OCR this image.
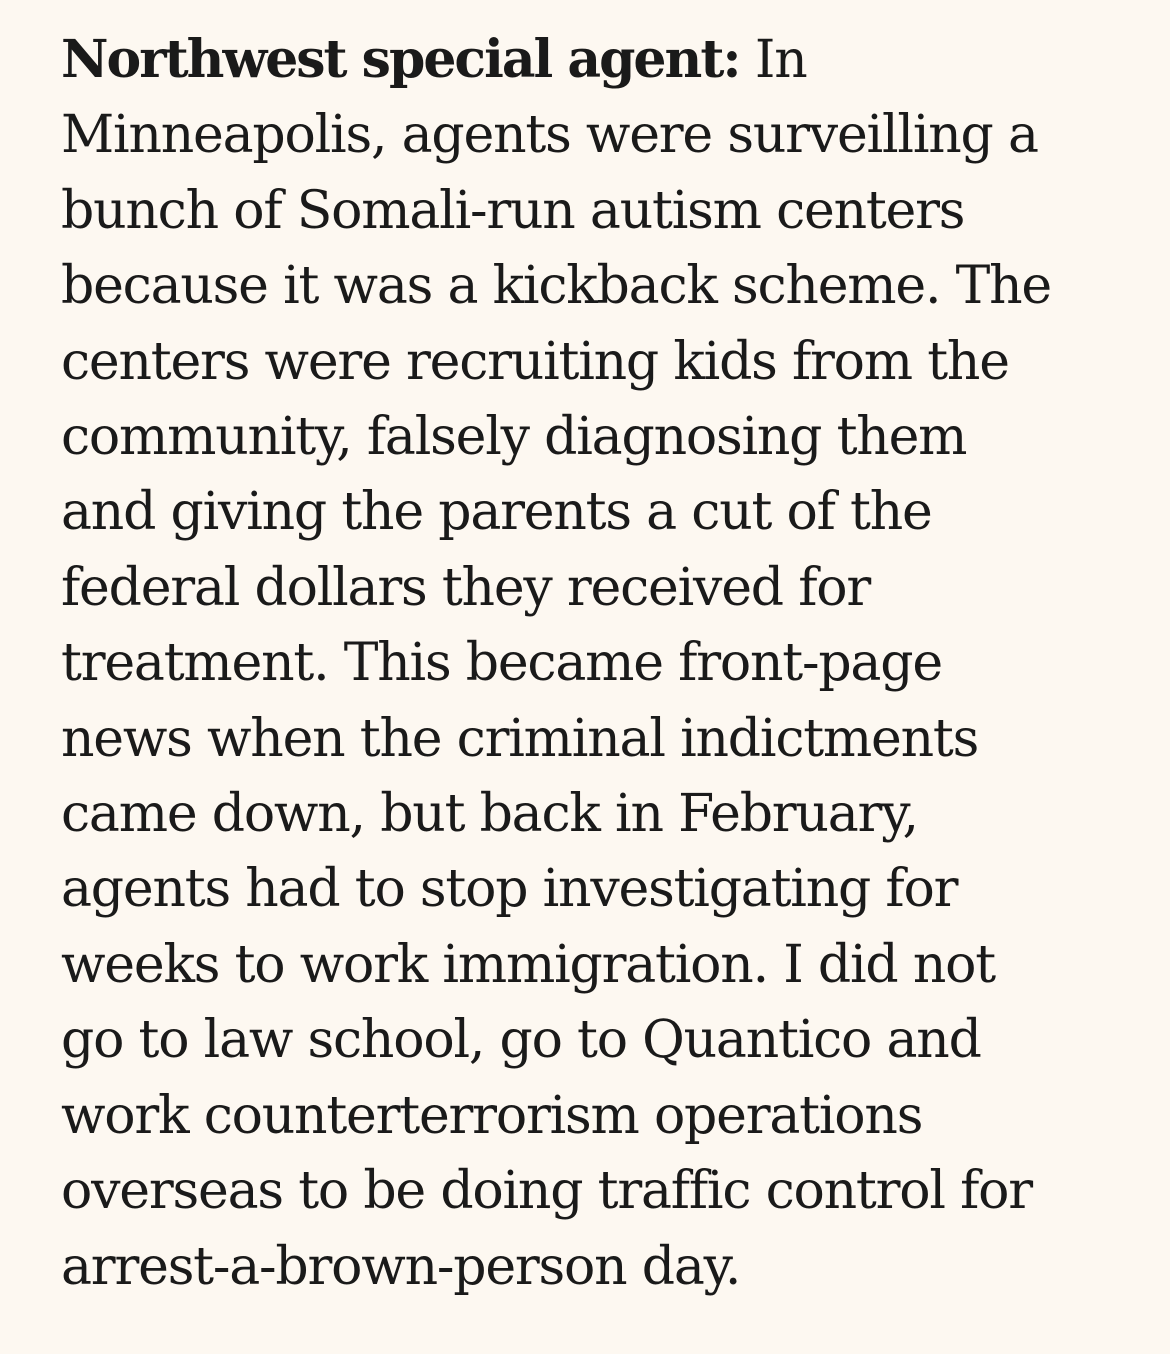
Northwest special agent: In
Minneapolis, agents were surveilling a
bunch of Somali-run autism centers
because it was a kickback scheme. The
centers were recruiting kids from the
community, falsely diagnosing them
and giving the parents a cut of the
federal dollars they received for
treatment. This became front-page
news when the criminal indictments
came down, but back in February,
agents had to stop investigating for
weeks to work immigration. I did not
go to law school, go to Quantico and
work counterterrorism operations
overseas to be doing traffic control for
arrest-a-brown-person day.
